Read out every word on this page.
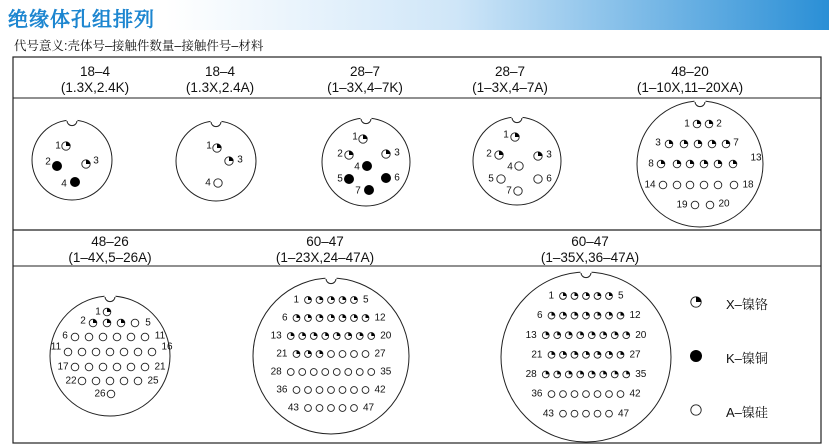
绝缘体孔组排列
代号意义:壳体号–接触件数量–接触件号–材料
1
2	3
4
1
3
4
1
2	3
4
5	6
7
1
2	3
4
5	6
7
1	2
3	7
8
13
14	18
19	20
1
2	5
6	11
11	16
17	21
22	25
26
1	5
6	12
13	20
21	27
28	35
36	42
43	47
1	5
6	12
13	20
21	27
28	35
36	42
43	47
18–4
(1.3X,2.4K)
18–4
(1.3X,2.4A)
28–7
(1–3X,4–7K)
28–7
(1–3X,4–7A)
48–20
(1–10X,11–20XA)
48–26
(1–4X,5–26A)
60–47
(1–23X,24–47A)
60–47
(1–35X,36–47A)
X–镍铬
K–镍铜
A–镍硅
